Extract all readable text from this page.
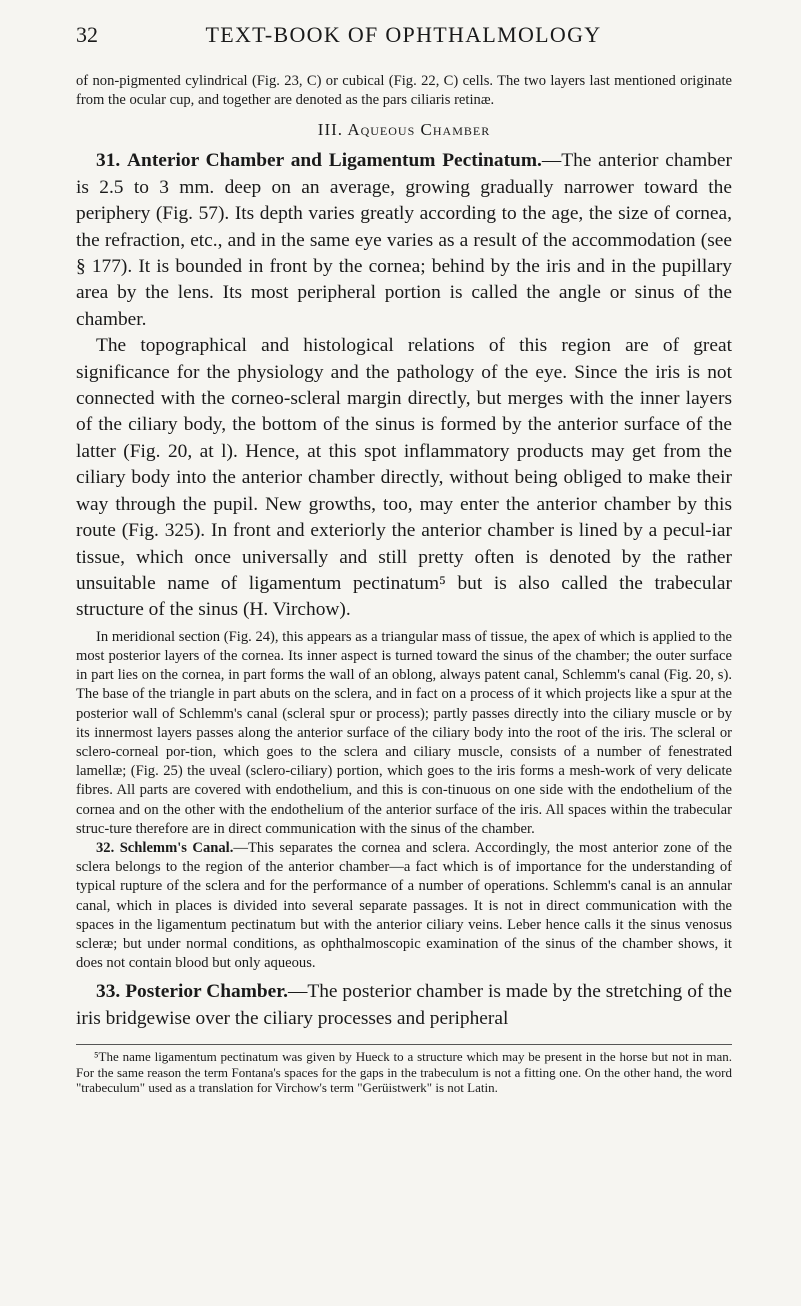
32	TEXT-BOOK OF OPHTHALMOLOGY

of non-pigmented cylindrical (Fig. 23, C) or cubical (Fig. 22, C) cells. The two layers last mentioned originate from the ocular cup, and together are denoted as the pars ciliaris retinæ.

III. Aqueous Chamber

31. Anterior Chamber and Ligamentum Pectinatum.—The anterior chamber is 2.5 to 3 mm. deep on an average, growing gradually narrower toward the periphery (Fig. 57). Its depth varies greatly according to the age, the size of cornea, the refraction, etc., and in the same eye varies as a result of the accommodation (see § 177). It is bounded in front by the cornea; behind by the iris and in the pupillary area by the lens. Its most peripheral portion is called the angle or sinus of the chamber.

The topographical and histological relations of this region are of great significance for the physiology and the pathology of the eye. Since the iris is not connected with the corneo-scleral margin directly, but merges with the inner layers of the ciliary body, the bottom of the sinus is formed by the anterior surface of the latter (Fig. 20, at l). Hence, at this spot inflammatory products may get from the ciliary body into the anterior chamber directly, without being obliged to make their way through the pupil. New growths, too, may enter the anterior chamber by this route (Fig. 325). In front and exteriorly the anterior chamber is lined by a pecul-iar tissue, which once universally and still pretty often is denoted by the rather unsuitable name of ligamentum pectinatum⁵ but is also called the trabecular structure of the sinus (H. Virchow).

In meridional section (Fig. 24), this appears as a triangular mass of tissue, the apex of which is applied to the most posterior layers of the cornea. Its inner aspect is turned toward the sinus of the chamber; the outer surface in part lies on the cornea, in part forms the wall of an oblong, always patent canal, Schlemm's canal (Fig. 20, s). The base of the triangle in part abuts on the sclera, and in fact on a process of it which projects like a spur at the posterior wall of Schlemm's canal (scleral spur or process); partly passes directly into the ciliary muscle or by its innermost layers passes along the anterior surface of the ciliary body into the root of the iris. The scleral or sclero-corneal por-tion, which goes to the sclera and ciliary muscle, consists of a number of fenestrated lamellæ; (Fig. 25) the uveal (sclero-ciliary) portion, which goes to the iris forms a mesh-work of very delicate fibres. All parts are covered with endothelium, and this is con-tinuous on one side with the endothelium of the cornea and on the other with the endothelium of the anterior surface of the iris. All spaces within the trabecular struc-ture therefore are in direct communication with the sinus of the chamber.

32. Schlemm's Canal.—This separates the cornea and sclera. Accordingly, the most anterior zone of the sclera belongs to the region of the anterior chamber—a fact which is of importance for the understanding of typical rupture of the sclera and for the performance of a number of operations. Schlemm's canal is an annular canal, which in places is divided into several separate passages. It is not in direct communication with the spaces in the ligamentum pectinatum but with the anterior ciliary veins. Leber hence calls it the sinus venosus scleræ; but under normal conditions, as ophthalmoscopic examination of the sinus of the chamber shows, it does not contain blood but only aqueous.

33. Posterior Chamber.—The posterior chamber is made by the stretching of the iris bridgewise over the ciliary processes and peripheral

⁵The name ligamentum pectinatum was given by Hueck to a structure which may be present in the horse but not in man. For the same reason the term Fontana's spaces for the gaps in the trabeculum is not a fitting one. On the other hand, the word "trabeculum" used as a translation for Virchow's term "Gerüistwerk" is not Latin.
